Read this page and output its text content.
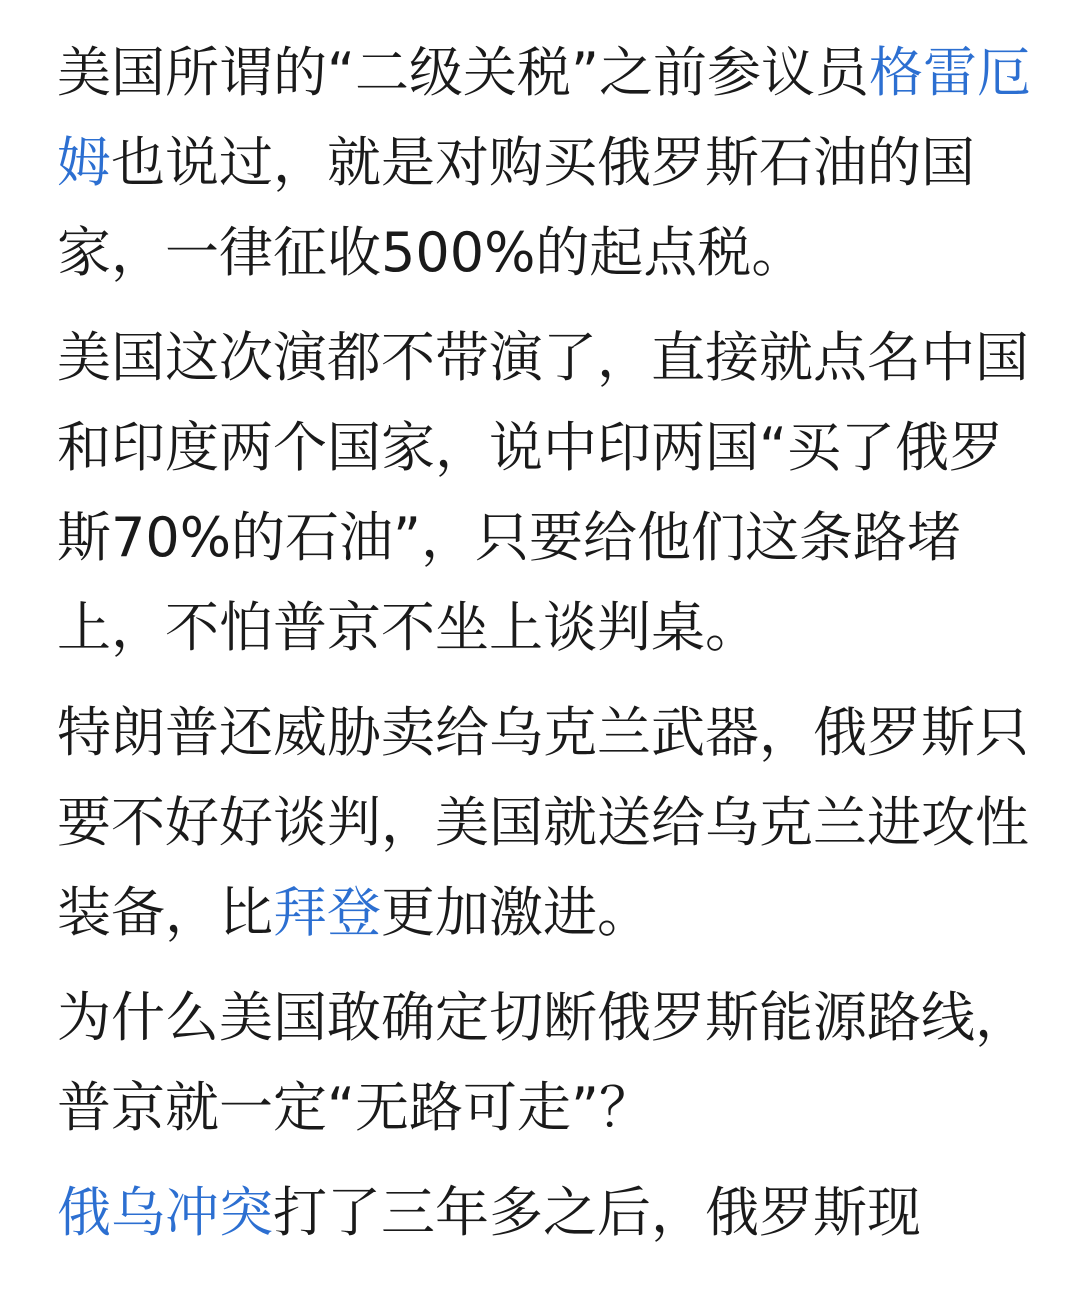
美国所谓的“二级关税”之前参议员格雷厄姆也说过，就是对购买俄罗斯石油的国家，一律征收500%的起点税。

美国这次演都不带演了，直接就点名中国和印度两个国家，说中印两国“买了俄罗斯70%的石油”，只要给他们这条路堵上，不怕普京不坐上谈判桌。

特朗普还威胁卖给乌克兰武器，俄罗斯只要不好好谈判，美国就送给乌克兰进攻性装备，比拜登更加激进。

为什么美国敢确定切断俄罗斯能源路线，普京就一定“无路可走”？

俄乌冲突打了三年多之后，俄罗斯现
